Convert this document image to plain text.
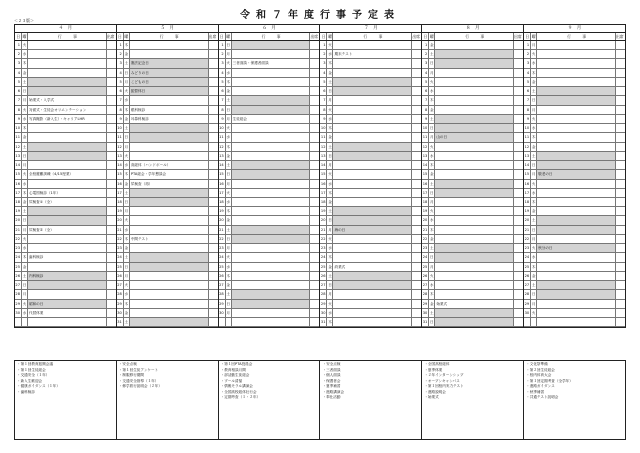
令和７年度行事予定表
＜２３版＞
４　月
日 曜	行　　　事	出席
1 火
2 水
3 木
4 金
5 土
6 日
7 月 始業式・入学式
8 火 対面式・生徒会オリエンテーション
9 水 写真撮影（新入生）・キャリアLHR
10 木
11 金
12 土
13 日
14 月
15 火 全校避難訓練（4/15授業）
16 水
17 木 心電図検診（1年）
18 金 尿検査①（全）
19 土
20 日
21 月 尿検査②（全）
22 火
23 水
24 木 歯科検診
25 金
26 土 内科検診
27 日
28 月
29 火 昭和の日
30 水 代替休業
５　月
日 曜	行　　　事	出席
1 木
2 金
3 土 憲法記念日
4 日 みどりの日
5 月 こどもの日
6 火 振替休日
7 水
8 木 眼科検診
9 金 耳鼻科検診
10 土
11 日
12 月
13 火
14 水 高総体（ハンドボール）
15 木 PTA総会・学年懇談会
16 金 尿検査（再）
17 土
18 日
19 月
20 火
21 水
22 木 中間テスト
23 金
24 土
25 日
26 月
27 火
28 水
29 木
30 金
31 土
６　月
日 曜	行　　　事	出席
1 日
2 月
3 火 三者面談・保護者面談
4 水
5 木
6 金
7 土
8 日
9 月 生徒総会
10 火
11 水
12 木
13 金
14 土
15 日
16 月
17 火
18 水
19 木
20 金
21 土
22 日
23 月
24 火
25 水
26 木
27 金
28 土
29 日
30 月
７　月
日 曜	行　　　事	出席
1 火
2 水 期末テスト
3 木
4 金
5 土
6 日
7 月
8 火
9 水
10 木
11 金
12 土
13 日
14 月
15 火
16 水
17 木
18 金
19 土
20 日
21 月 海の日
22 火
23 水
24 木
25 金 終業式
26 土
27 日
28 月
29 火
30 水
31 木
８　月
日 曜	行　　　事	出席
1 金
2 土
3 日
4 月
5 火
6 水
7 木
8 金
9 土
10 日
11 月 山の日
12 火
13 水
14 木
15 金
16 土
17 日
18 月
19 火
20 水
21 木
22 金
23 土
24 日
25 月
26 火
27 水
28 木
29 金 始業式
30 土
31 日
９　月
日 曜	行　　　事	出席
1 月
2 火
3 水
4 木
5 金
6 土
7 日
8 月
9 火
10 水
11 木
12 金
13 土
14 日
15 月 敬老の日
16 火
17 水
18 木
19 金
20 土
21 日
22 月
23 火 秋分の日
24 水
25 木
26 金
27 土
28 日
29 月
30 火
・第１回教育振興会議
・第１回生徒総会
・交通安全（１年）
・新入生歓迎会
・健康ガイダンス（１年）
・歯科検診
・安全点検
・第１回生徒アンケート
・制服移行期間
・交通安全指導（１年）
・修学旅行説明会（２年）
・第１回PTA役員会
・教育相談月間
・部活動生徒総会
・プール清掃
・情報モラル講演会
・全国高校総体壮行会
・定期考査（１・２年）
・安全点検
・三者面談
・個人面談
・保護者会
・夏季補習
・進路講演会
・奉仕活動
・全国高校総体
・夏季休業
・２年インターンシップ
・オープンキャンパス
・第１回校内実力テスト
・進路説明会
・始業式
・文化祭準備
・第２回生徒総会
・校内体育大会
・第１回定期考査（全学年）
・進路ガイダンス
・秋季補習
・共通テスト説明会
